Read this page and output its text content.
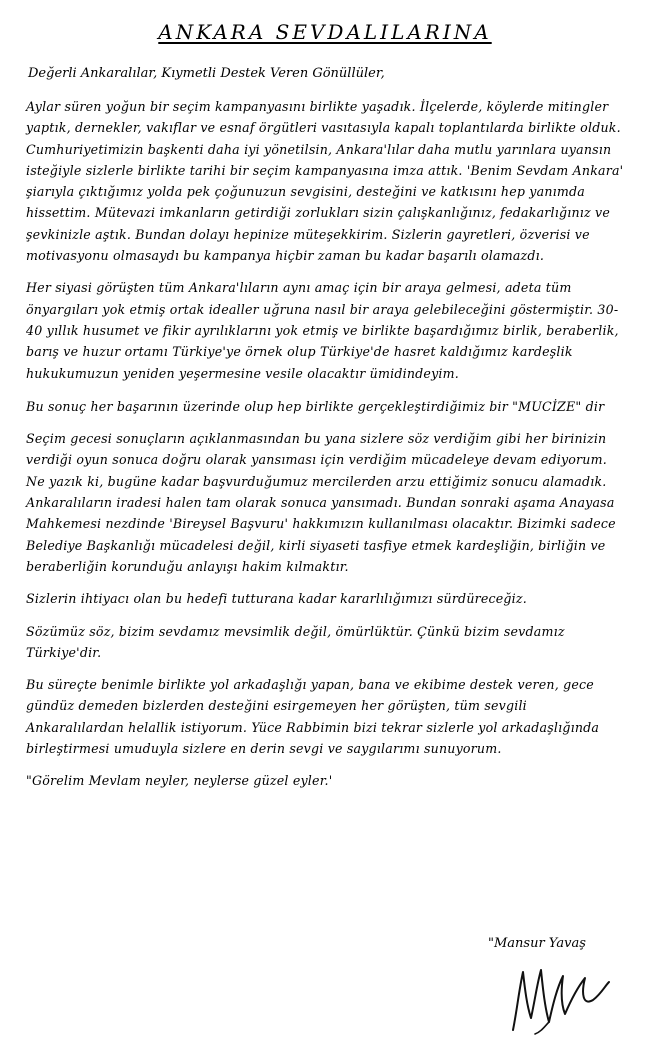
ANKARA SEVDALILARINA
Değerli Ankaralılar, Kıymetli Destek Veren Gönüllüler,

Aylar süren yoğun bir seçim kampanyasını birlikte yaşadık. İlçelerde, köylerde mitingler yaptık, dernekler, vakıflar ve esnaf örgütleri vasıtasıyla kapalı toplantılarda birlikte olduk. Cumhuriyetimizin başkenti daha iyi yönetilsin, Ankara'lılar daha mutlu yarınlara uyansın isteğiyle sizlerle birlikte tarihi bir seçim kampanyasına imza attık. 'Benim Sevdam Ankara' şiarıyla çıktığımız yolda pek çoğunuzun sevgisini, desteğini ve katkısını hep yanımda hissettim. Mütevazi imkanların getirdiği zorlukları sizin çalışkanlığınız, fedakarlığınız ve şevkinizle aştık. Bundan dolayı hepinize müteşekkirim. Sizlerin gayretleri, özverisi ve motivasyonu olmasaydı bu kampanya hiçbir zaman bu kadar başarılı olamazdı.

Her siyasi görüşten tüm Ankara'lıların aynı amaç için bir araya gelmesi, adeta tüm önyargıları yok etmiş ortak idealler uğruna nasıl bir araya gelebileceğini göstermiştir. 30-40 yıllık husumet ve fikir ayrılıklarını yok etmiş ve birlikte başardığımız birlik, beraberlik, barış ve huzur ortamı Türkiye'ye örnek olup Türkiye'de hasret kaldığımız kardeşlik hukukumuzun yeniden yeşermesine vesile olacaktır ümidindeyim.

Bu sonuç her başarının üzerinde olup hep birlikte gerçekleştirdiğimiz bir "MUCİZE" dir

Seçim gecesi sonuçların açıklanmasından bu yana sizlere söz verdiğim gibi her birinizin verdiği oyun sonuca doğru olarak yansıması için verdiğim mücadeleye devam ediyorum. Ne yazık ki, bugüne kadar başvurduğumuz mercilerden arzu ettiğimiz sonucu alamadık. Ankaralıların iradesi halen tam olarak sonuca yansımadı. Bundan sonraki aşama Anayasa Mahkemesi nezdinde 'Bireysel Başvuru' hakkımızın kullanılması olacaktır. Bizimki sadece Belediye Başkanlığı mücadelesi değil, kirli siyaseti tasfiye etmek kardeşliğin, birliğin ve beraberliğin korunduğu anlayışı hakim kılmaktır.

Sizlerin ihtiyacı olan bu hedefi tutturana kadar kararlılığımızı sürdüreceğiz.

Sözümüz söz, bizim sevdamız mevsimlik değil, ömürlüktür. Çünkü bizim sevdamız Türkiye'dir.

Bu süreçte benimle birlikte yol arkadaşlığı yapan, bana ve ekibime destek veren, gece gündüz demeden bizlerden desteğini esirgemeyen her görüşten, tüm sevgili Ankaralılardan helallik istiyorum. Yüce Rabbimin bizi tekrar sizlerle yol arkadaşlığında birleştirmesi umuduyla sizlere en derin sevgi ve saygılarımı sunuyorum.

"Görelim Mevlam neyler, neylerse güzel eyler.'

"Mansur Yavaş
